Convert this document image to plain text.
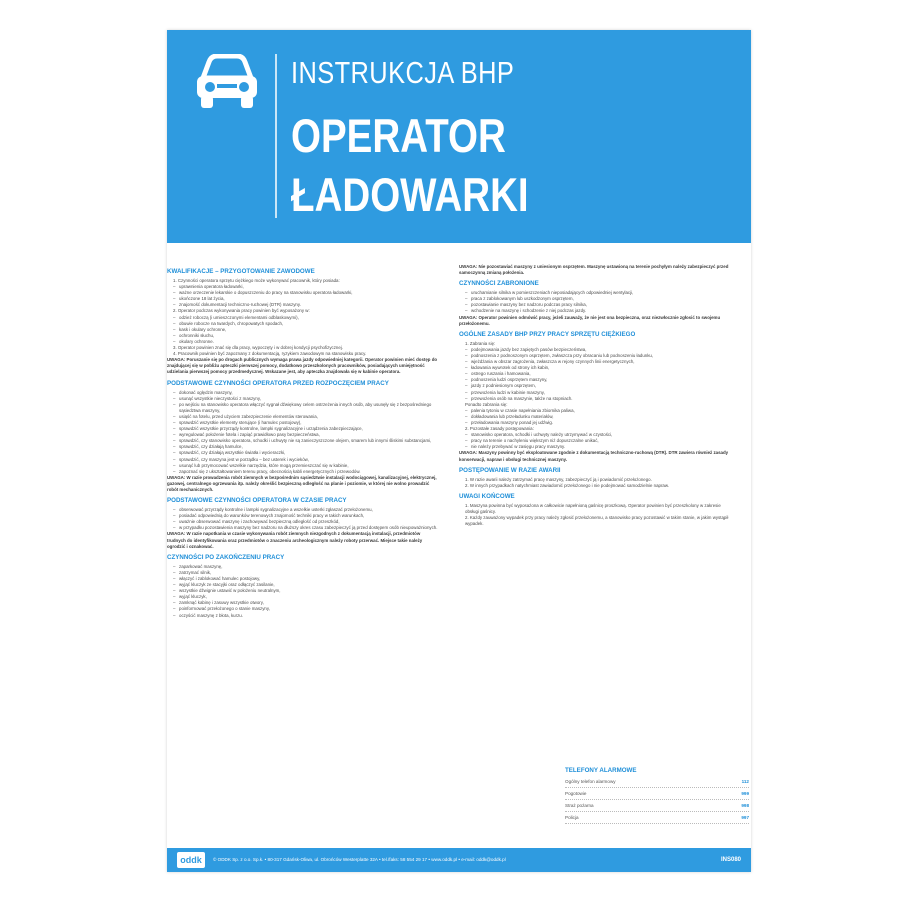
INSTRUKCJA BHP
OPERATOR
ŁADOWARKI
KWALIFIKACJE – PRZYGOTOWANIE ZAWODOWE
1. Czynności operatora sprzętu ciężkiego może wykonywać pracownik, który posiada:
– uprawnienia operatora ładowarki,
– ważne orzeczenie lekarskie o dopuszczeniu do pracy na stanowisku operatora ładowarki,
– ukończone 18 lat życia,
– znajomość dokumentacji techniczno-ruchowej (DTR) maszyny.
2. Operator podczas wykonywania pracy powinien być wyposażony w:
– odzież roboczą (i umieszczonymi elementami odblaskowymi),
– obuwie robocze na twardych, chropowatych spodach,
– kask i okulary ochronne,
– ochronniki słuchu,
– okulary ochronne.
3. Operator powinien znać się dla pracy, wypoczęty i w dobrej kondycji psychofizycznej.
4. Pracownik powinien być zapoznany z dokumentacją, ryzykiem zawodowym na stanowisku pracy.

UWAGA: Poruszanie się po drogach publicznych wymaga prawa jazdy odpowiedniej kategorii. Operator powinien mieć dostęp do znajdującej się w pobliżu apteczki pierwszej pomocy, dodatkowo przeszkolonych pracowników, posiadających umiejętność udzielania pierwszej pomocy przedmedycznej. Wskazane jest, aby apteczka znajdowała się w kabinie operatora.

PODSTAWOWE CZYNNOŚCI OPERATORA PRZED ROZPOCZĘCIEM PRACY
– dokonać oględzin maszyny,
– usunąć wszystkie nieczystości z maszyny,
– po wejściu na stanowisko operatora włączyć sygnał dźwiękowy celem ostrzeżenia innych osób, aby usunęły się z bezpośredniego sąsiedztwa maszyny,
– usiąść na fotelu, przed użyciem zabezpieczenie elementów sterowania,
– sprawdzić wszystkie elementy sterujące (i hamulec postojowy),
– sprawdzić wszystkie przyrządy kontrolne, lampki sygnalizacyjne i urządzenia zabezpieczające,
– wyregulować położenie fotela i zapiąć prawidłowo pasy bezpieczeństwa,
– sprawdzić, czy stanowisko operatora, schodki i uchwyty nie są zanieczyszczone olejem, smarem lub innymi śliskimi substancjami,
– sprawdzić, czy działają hamulce,
– sprawdzić, czy działają wszystkie światła i wycieraczki,
– sprawdzić, czy maszyna jest w porządku – bez usterek i wycieków,
– usunąć lub przymocować wszelkie narzędzia, które mogą przemieszczać się w kabinie,
– zapoznać się z ukształtowaniem terenu pracy, obecnością kabli energetycznych i przewodów.

UWAGA: W razie prowadzenia robót ziemnych w bezpośrednim sąsiedztwie instalacji wodociągowej, kanalizacyjnej, elektrycznej, gazowej, centralnego ogrzewania itp. należy określić bezpieczną odległość na planie i poziomie, w której nie wolno prowadzić robót mechanicznych.

PODSTAWOWE CZYNNOŚCI OPERATORA W CZASIE PRACY
– obserwować przyrządy kontrolne i lampki sygnalizacyjne a wszelkie usterki zgłaszać przełożonemu,
– posiadać odpowiednią do warunków terenowych znajomość techniki pracy w takich warunkach,
– uważnie obserwować maszynę i zachowywać bezpieczną odległość od przeszkód,
– w przypadku pozostawienia maszyny bez nadzoru na dłuższy okres czasu zabezpieczyć ją przed dostępem osób nieupoważnionych.

UWAGA: W razie napotkania w czasie wykonywania robót ziemnych niezgodnych z dokumentacją instalacji, przedmiotów trudnych do identyfikowania oraz przedmiotów o znaczeniu archeologicznym należy roboty przerwać. Miejsce takie należy ogrodzić i oznakować.

CZYNNOŚCI PO ZAKOŃCZENIU PRACY
– zaparkować maszynę,
– zatrzymać silnik,
– włączyć i zablokować hamulec postojowy,
– wyjąć kluczyk ze stacyjki oraz odłączyć zasilanie,
– wszystkie dźwignie ustawić w położeniu neutralnym,
– wyjąć kluczyk,
– zamknąć kabinę i zasuwy wszystkie otwory,
– poinformować przełożonego o stanie maszyny,
– oczyścić maszynę z błota, kurzu.

UWAGA: Nie pozostawiać maszyny z uniesionym osprzętem. Maszynę ustawioną na terenie pochyłym należy zabezpieczyć przed samoczynną zmianą położenia.

CZYNNOŚCI ZABRONIONE
– uruchamianie silnika w pomieszczeniach nieposiadających odpowiedniej wentylacji,
– praca z zablokowanym lub uszkodzonym osprzętem,
– pozostawianie maszyny bez nadzoru podczas pracy silnika,
– wchodzenie na maszynę i schodzenie z niej podczas jazdy.

UWAGA: Operator powinien odmówić pracy, jeżeli zauważy, że nie jest ona bezpieczna, oraz niezwłocznie zgłosić to swojemu przełożonemu.

OGÓLNE ZASADY BHP PRZY PRACY SPRZĘTU CIĘŻKIEGO
1. Zabrania się:
– podejmowania jazdy bez zapiętych pasów bezpieczeństwa,
– podnoszenia z podnoszonym osprzętem, zwłaszcza przy obracaniu lub podnoszeniu ładunku,
– wjeżdżania w obszar zagrożenia, zwłaszcza w rejony czynnych linii energetycznych,
– ładowania wywrotek od strony ich kabin,
– ostrego ruszania i hamowania,
– podnoszenia ludzi osprzętem maszyny,
– jazdy z podniesionym osprzętem,
– przewożenia ludzi w kabinie maszyny,
– przewożenia osób na maszynie, także na stopniach.
Ponadto zabrania się:
– palenia tytoniu w czasie napełniania zbiornika paliwa,
– dokładowania lub przeładunku materiałów,
– przeładowania maszyny ponad jej udźwig.
2. Pozostałe zasady postępowania:
– stanowisko operatora, schodki i uchwyty należy utrzymywać w czystości,
– pracy na terenie o nachyleniu większym niż dopuszczalne unikać,
– nie należy przebywać w zasięgu pracy maszyny.

UWAGA: Maszyny powinny być eksploatowane zgodnie z dokumentacją techniczno-ruchową (DTR). DTR zawiera również zasady konserwacji, napraw i obsługi technicznej maszyny.

POSTĘPOWANIE W RAZIE AWARII
1. W razie awarii należy zatrzymać pracę maszyny, zabezpieczyć ją i powiadomić przełożonego.
2. W innych przypadkach natychmiast zawiadomić przełożonego i nie podejmować samodzielnie napraw.
UWAGI KOŃCOWE
1. Maszyna powinna być wyposażona w całkowicie napełnioną gaśnicę proszkową. Operator powinien być przeszkolony w zakresie obsługi gaśnicy.
2. Każdy zauważony wypadek przy pracy należy zgłosić przełożonemu, a stanowisko pracy pozostawić w takim stanie, w jakim wystąpił wypadek.
TELEFONY ALARMOWE
Ogólny telefon alarmowy	112
Pogotowie	999
Straż pożarna	998
Policja	997
oddk	© ODDK Sp. z o.o. Sp.k. • 80-317 Gdańsk-Oliwa, ul. Obrońców Westerplatte 32A • tel./faks: 58 554 29 17 • www.oddk.pl • e-mail: oddk@oddk.pl	INS080
